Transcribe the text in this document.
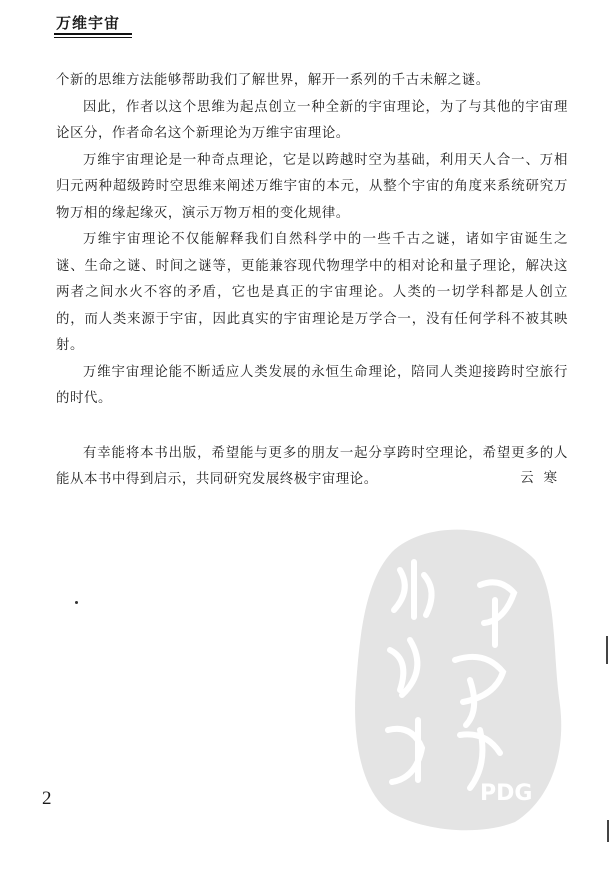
万维宇宙

个新的思维方法能够帮助我们了解世界，解开一系列的千古未解之谜。

因此，作者以这个思维为起点创立一种全新的宇宙理论，为了与其他的宇宙理论区分，作者命名这个新理论为万维宇宙理论。

万维宇宙理论是一种奇点理论，它是以跨越时空为基础，利用天人合一、万相归元两种超级跨时空思维来阐述万维宇宙的本元，从整个宇宙的角度来系统研究万物万相的缘起缘灭，演示万物万相的变化规律。

万维宇宙理论不仅能解释我们自然科学中的一些千古之谜，诸如宇宙诞生之谜、生命之谜、时间之谜等，更能兼容现代物理学中的相对论和量子理论，解决这两者之间水火不容的矛盾，它也是真正的宇宙理论。人类的一切学科都是人创立的，而人类来源于宇宙，因此真实的宇宙理论是万学合一，没有任何学科不被其映射。

万维宇宙理论能不断适应人类发展的永恒生命理论，陪同人类迎接跨时空旅行的时代。

有幸能将本书出版，希望能与更多的朋友一起分享跨时空理论，希望更多的人能从本书中得到启示，共同研究发展终极宇宙理论。	云寒
PDG
2
